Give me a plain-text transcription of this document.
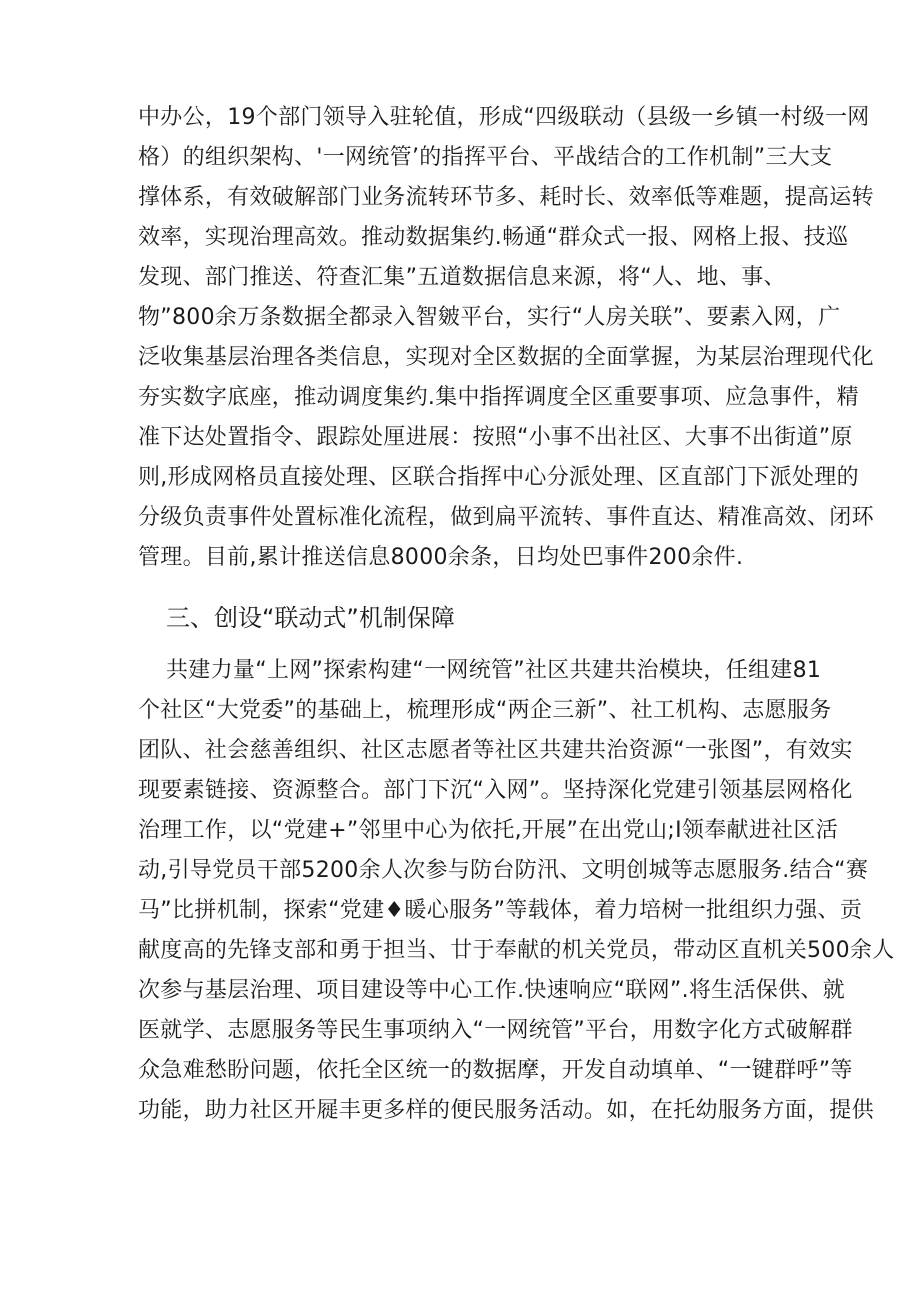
中办公，19个部门领导入驻轮值，形成“四级联动（县级一乡镇一村级一网
格）的组织架构、'一网统管’的指挥平台、平战结合的工作机制”三大支
撑体系，有效破解部门业务流转环节多、耗时长、效率低等难题，提高运转
效率，实现治理高效。推动数据集约.畅通“群众式一报、网格上报、技巡
发现、部门推送、符查汇集”五道数据信息来源，将“人、地、事、
物”800余万条数据全都录入智皴平台，实行“人房关联”、要素入网，广
泛收集基层治理各类信息，实现对全区数据的全面掌握，为某层治理现代化
夯实数字底座，推动调度集约.集中指挥调度全区重要事项、应急事件，精
准下达处置指令、跟踪处厘进展：按照“小事不出社区、大事不出街道”原
则,形成网格员直接处理、区联合指挥中心分派处理、区直部门下派处理的
分级负责事件处置标准化流程，做到扁平流转、事件直达、精准高效、闭环
管理。目前,累计推送信息8000余条，日均处巴事件200余件.
三、创设“联动式”机制保障
共建力量“上网”探索构建“一网统管”社区共建共治模块，任组建81
个社区“大党委”的基础上，梳理形成“两企三新”、社工机构、志愿服务
团队、社会慈善组织、社区志愿者等社区共建共治资源“一张图”，有效实
现要素链接、资源整合。部门下沉“入网”。坚持深化党建引领基层网格化
治理工作，以“党建+”邻里中心为依托,开展”在出党山;I领奉献进社区活
动,引导党员干部5200余人次参与防台防汛、文明创城等志愿服务.结合“赛
马”比拼机制，探索“党建♦暖心服务”等载体，着力培树一批组织力强、贡
献度高的先锋支部和勇于担当、廿于奉献的机关党员，带动区直机关500余人
次参与基层治理、项目建设等中心工作.快速响应“联网”.将生活保供、就
医就学、志愿服务等民生事项纳入“一网统管”平台，用数字化方式破解群
众急难愁盼问题，依托全区统一的数据摩，开发自动填单、“一键群呼”等
功能，助力社区开屣丰更多样的便民服务活动。如，在托幼服务方面，提供
